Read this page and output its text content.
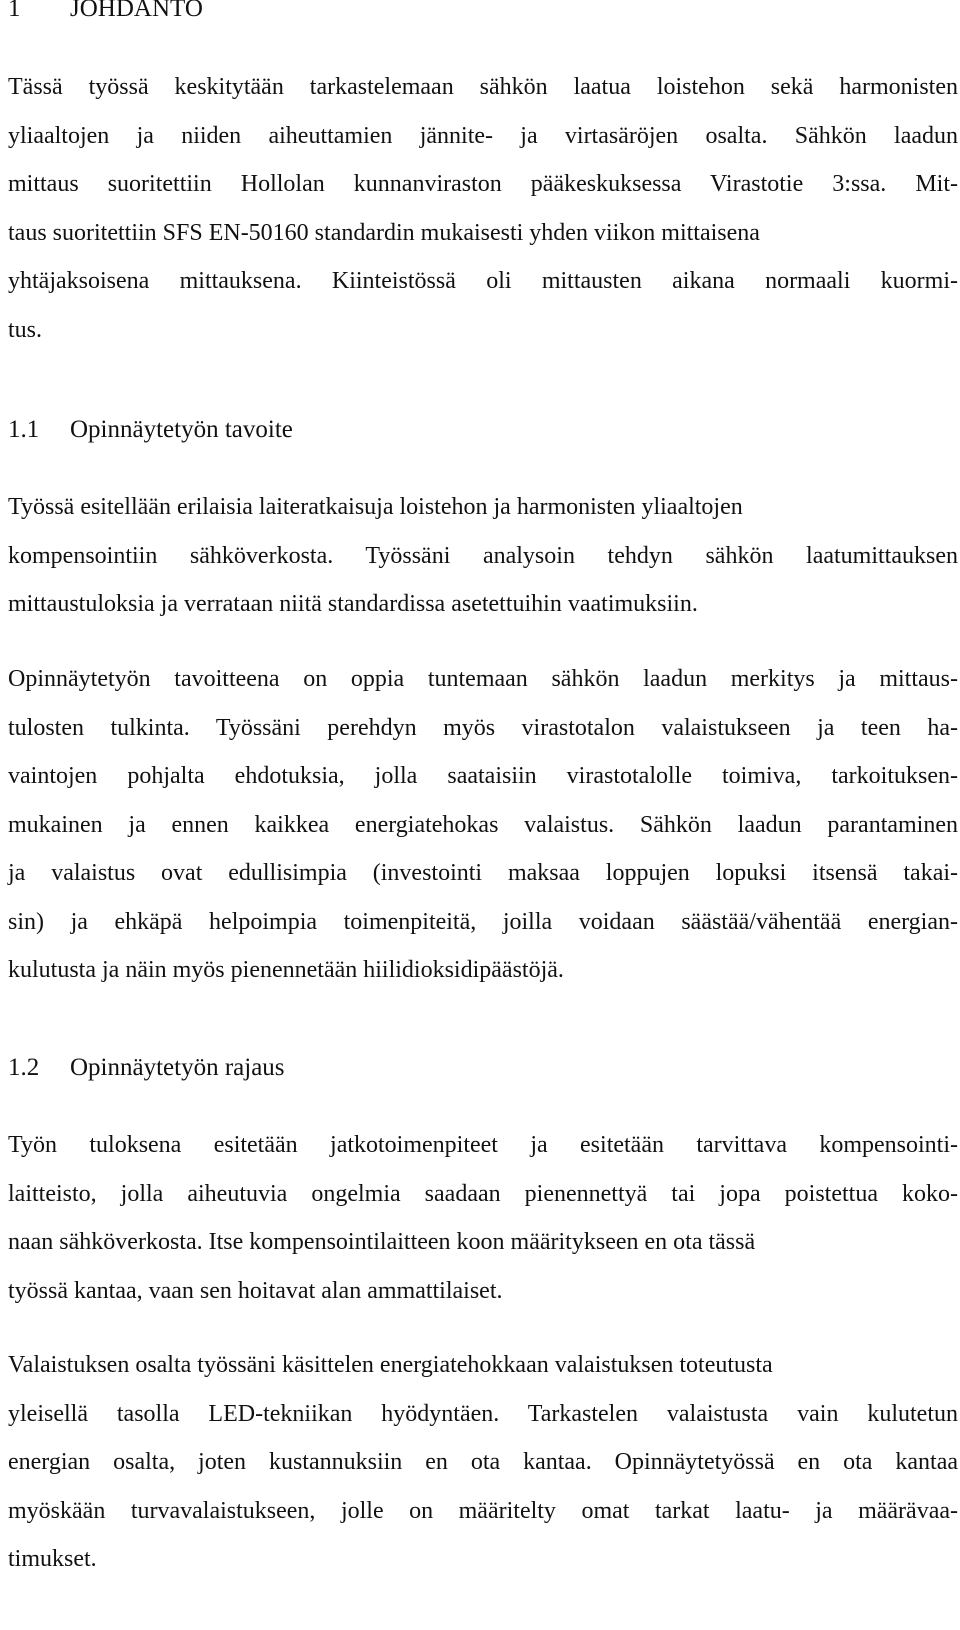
1 JOHDANTO
Tässä työssä keskitytään tarkastelemaan sähkön laatua loistehon sekä harmonisten
yliaaltojen ja niiden aiheuttamien jännite- ja virtasäröjen osalta. Sähkön laadun
mittaus suoritettiin Hollolan kunnanviraston pääkeskuksessa Virastotie 3:ssa. Mit-
taus suoritettiin SFS EN-50160 standardin mukaisesti yhden viikon mittaisena
yhtäjaksoisena mittauksena. Kiinteistössä oli mittausten aikana normaali kuormi-
tus.
1.1 Opinnäytetyön tavoite
Työssä esitellään erilaisia laiteratkaisuja loistehon ja harmonisten yliaaltojen
kompensointiin sähköverkosta. Työssäni analysoin tehdyn sähkön laatumittauksen
mittaustuloksia ja verrataan niitä standardissa asetettuihin vaatimuksiin.
Opinnäytetyön tavoitteena on oppia tuntemaan sähkön laadun merkitys ja mittaus-
tulosten tulkinta. Työssäni perehdyn myös virastotalon valaistukseen ja teen ha-
vaintojen pohjalta ehdotuksia, jolla saataisiin virastotalolle toimiva, tarkoituksen-
mukainen ja ennen kaikkea energiatehokas valaistus. Sähkön laadun parantaminen
ja valaistus ovat edullisimpia (investointi maksaa loppujen lopuksi itsensä takai-
sin) ja ehkäpä helpoimpia toimenpiteitä, joilla voidaan säästää/vähentää energian-
kulutusta ja näin myös pienennetään hiilidioksidipäästöjä.
1.2 Opinnäytetyön rajaus
Työn tuloksena esitetään jatkotoimenpiteet ja esitetään tarvittava kompensointi-
laitteisto, jolla aiheutuvia ongelmia saadaan pienennettyä tai jopa poistettua koko-
naan sähköverkosta. Itse kompensointilaitteen koon määritykseen en ota tässä
työssä kantaa, vaan sen hoitavat alan ammattilaiset.
Valaistuksen osalta työssäni käsittelen energiatehokkaan valaistuksen toteutusta
yleisellä tasolla LED-tekniikan hyödyntäen. Tarkastelen valaistusta vain kulutetun
energian osalta, joten kustannuksiin en ota kantaa. Opinnäytetyössä en ota kantaa
myöskään turvavalaistukseen, jolle on määritelty omat tarkat laatu- ja määrävaa-
timukset.
